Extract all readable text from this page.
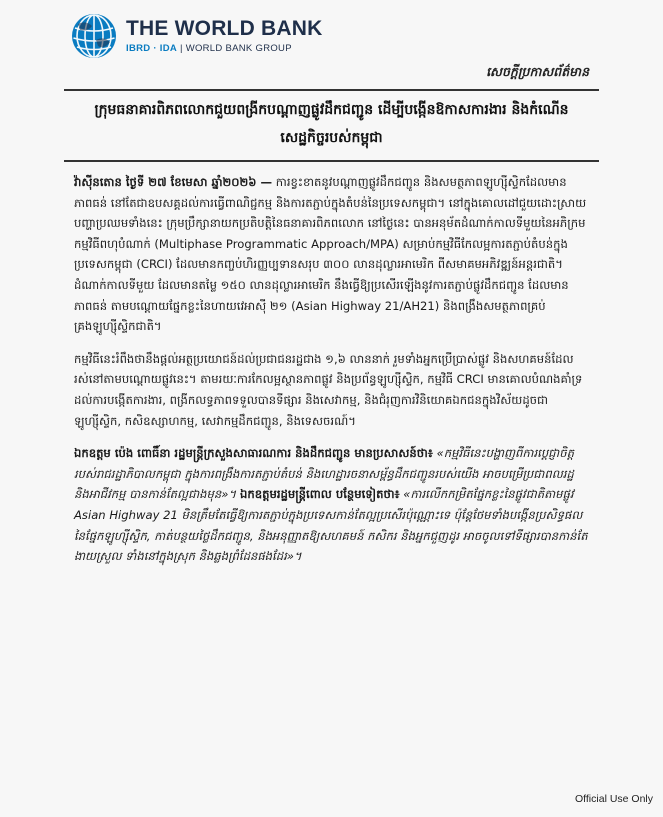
THE WORLD BANK
IBRD · IDA | WORLD BANK GROUP
សេចក្តីប្រកាសព័ត៌មាន
ក្រុមធនាគារពិភពលោកជួយពង្រីកបណ្តាញផ្លូវដឹកជញ្ជូន ដើម្បីបង្កើនឱកាសការងារ និងកំណើនសេដ្ឋកិច្ចរបស់កម្ពុជា

វ៉ាស៊ីនតោន ថ្ងៃទី ២៧ ខែមេសា ឆ្នាំ២០២៦ — ការខ្វះខាតនូវបណ្តាញផ្លូវដឹកជញ្ជូន និងសមត្ថភាពឡូហ្ស៊ីស្ទិកដែលមានភាពធន់ នៅតែជាឧបសគ្គដល់ការធ្វើពាណិជ្ជកម្ម និងការតភ្ជាប់ក្នុងតំបន់នៃប្រទេសកម្ពុជា។ នៅក្នុងគោលដៅជួយដោះស្រាយបញ្ហាប្រឈមទាំងនេះ ក្រុមប្រឹក្សានាយកប្រតិបត្តិនៃធនាគារពិភពលោក នៅថ្ងៃនេះ បានអនុម័តដំណាក់កាលទីមួយនៃអភិក្រមកម្មវិធីពហុបំណាក់ (Multiphase Programmatic Approach/MPA) សម្រាប់កម្មវិធីកែលម្អការតភ្ជាប់តំបន់ក្នុងប្រទេសកម្ពុជា (CRCI) ដែលមានកញ្ចប់ហិរញ្ញប្បទានសរុប ៣០០ លានដុល្លារអាមេរិក ពីសមាគមអភិវឌ្ឍន៍អន្តរជាតិ។ ដំណាក់កាលទីមួយ ដែលមានតម្លៃ ១៥០ លានដុល្លារអាមេរិក នឹងធ្វើឱ្យប្រសើរឡើងនូវការតភ្ជាប់ផ្លូវដឹកជញ្ជូន ដែលមានភាពធន់ តាមបណ្តោយផ្នែកខ្លះនៃហាយវេអាស៊ី ២១ (Asian Highway 21/AH21) និងពង្រឹងសមត្ថភាពគ្រប់គ្រងឡូហ្ស៊ីស្ទិកជាតិ។

កម្មវិធីនេះរំពឹងថានឹងផ្តល់អត្ថប្រយោជន៍ដល់ប្រជាជនរដ្ឋជាង ១,៦ លាននាក់ រួមទាំងអ្នកប្រើប្រាស់ផ្លូវ និងសហគមន៍ដែលរស់នៅតាមបណ្តោយផ្លូវនេះ។ តាមរយៈការកែលម្អស្ថានភាពផ្លូវ និងប្រព័ន្ធឡូហ្ស៊ីស្ទិក, កម្មវិធី CRCI មានគោលបំណងគាំទ្រដល់ការបង្កើតការងារ, ពង្រីកលទ្ធភាពទទួលបានទីផ្សារ និងសេវាកម្ម, និងជំរុញការវិនិយោគឯកជនក្នុងវិស័យដូចជា ឡូហ្ស៊ីស្ទិក, កសិឧស្សាហកម្ម, សេវាកម្មដឹកជញ្ជូន, និងទេសចរណ៍។

ឯកឧត្តម ប៉េង ពោធិ៍នា រដ្ឋមន្ត្រីក្រសួងសាធារណការ និងដឹកជញ្ជូន មានប្រសាសន៍ថា៖ «កម្មវិធីនេះបង្ហាញពីការប្តេជ្ញាចិត្តរបស់រាជរដ្ឋាភិបាលកម្ពុជា ក្នុងការពង្រឹងការតភ្ជាប់តំបន់ និងហេដ្ឋារចនាសម្ព័ន្ធដឹកជញ្ជូនរបស់យើង អាចបម្រើប្រជាពលរដ្ឋ និងអាជីវកម្ម បានកាន់តែល្អជាងមុន»។ ឯកឧត្តមរដ្ឋមន្ត្រីពោល បន្ថែមទៀតថា៖ «ការលើកកម្រិតផ្នែកខ្លះនៃផ្លូវជាតិតាមផ្លូវ Asian Highway 21 មិនត្រឹមតែធ្វើឱ្យការតភ្ជាប់ក្នុងប្រទេសកាន់តែល្អប្រសើរប៉ុណ្ណោះទេ ប៉ុន្តែថែមទាំងបង្កើនប្រសិទ្ធផលនៃផ្នែកឡូហ្ស៊ីស្ទិក, កាត់បន្ថយថ្លៃដឹកជញ្ជូន, និងអនុញ្ញាតឱ្យសហគមន៍ កសិករ និងអ្នកជួញដូរ អាចចូលទៅទីផ្សារបានកាន់តែងាយស្រួល ទាំងនៅក្នុងស្រុក និងឆ្លងព្រំដែនផងដែរ»។

Official Use Only
